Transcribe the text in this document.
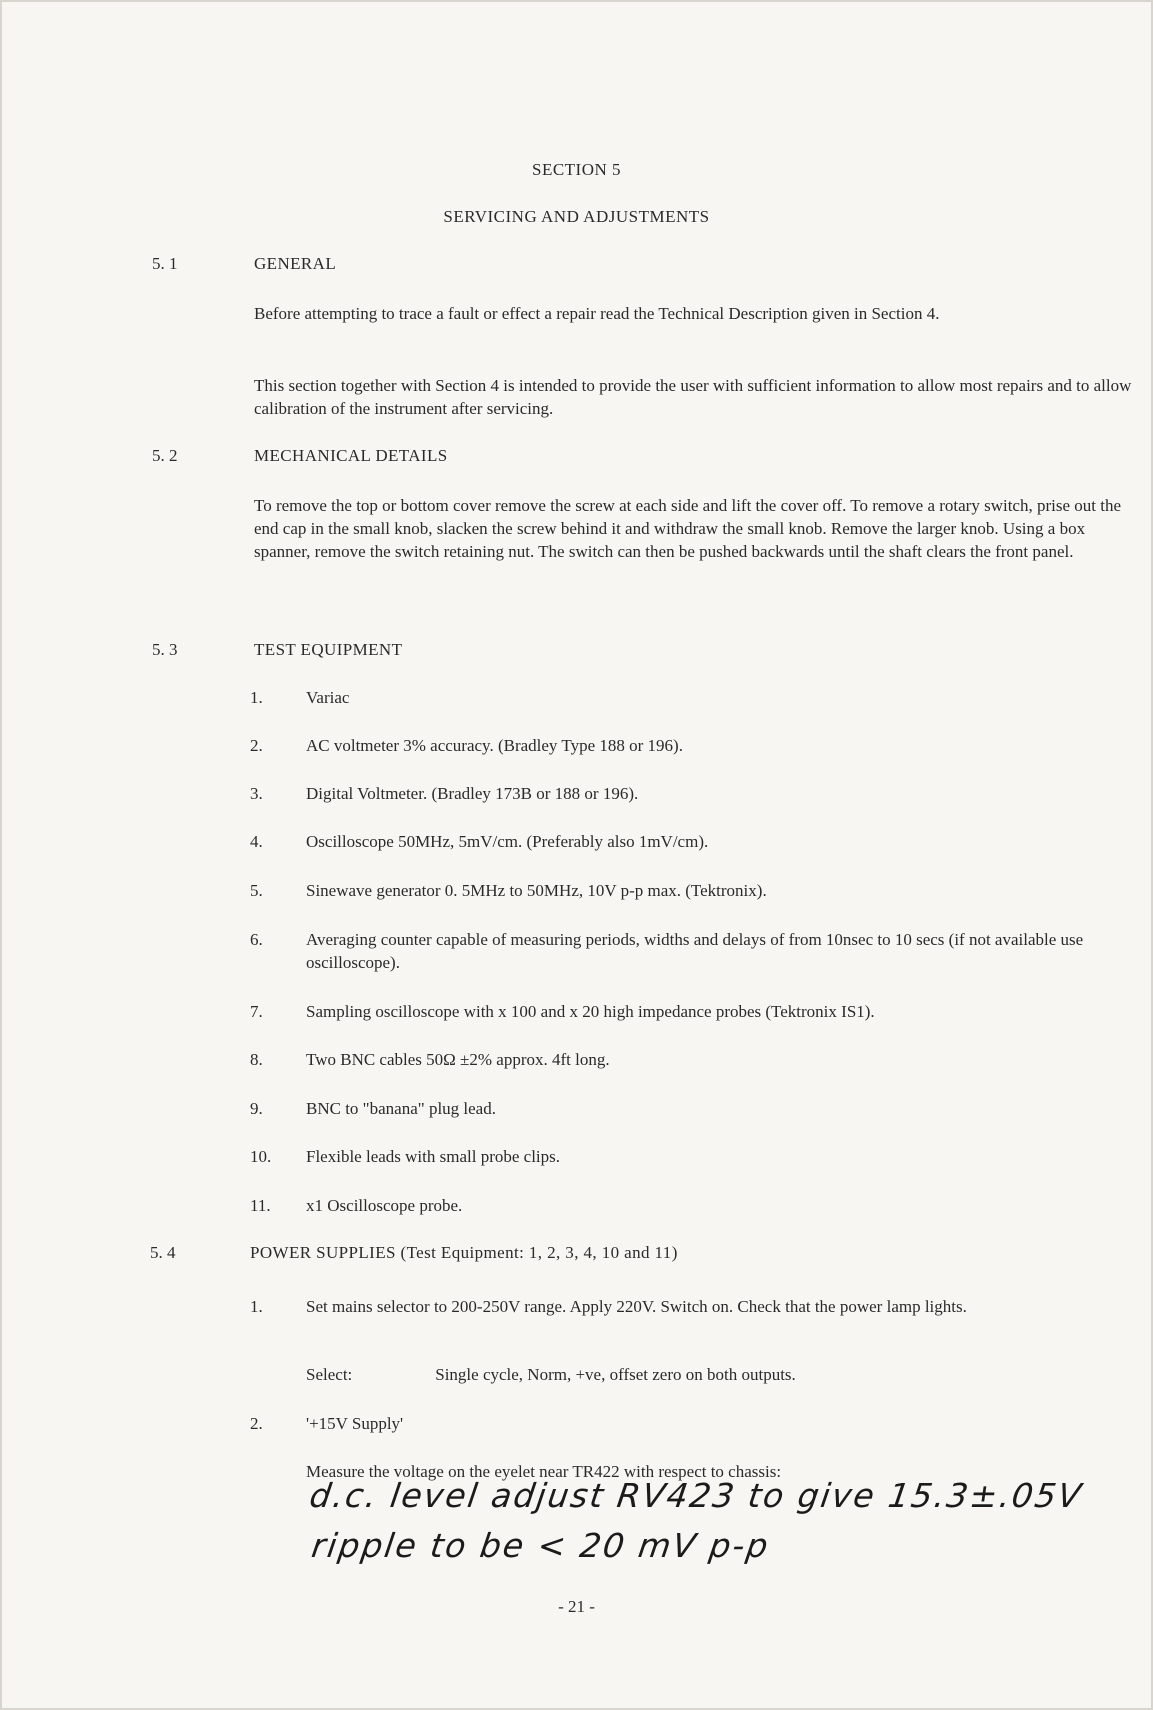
SECTION 5
SERVICING AND ADJUSTMENTS
5. 1	GENERAL
Before attempting to trace a fault or effect a repair read the Technical Description given in Section 4.
This section together with Section 4 is intended to provide the user with sufficient information to allow most repairs and to allow calibration of the instrument after servicing.
5. 2	MECHANICAL DETAILS
To remove the top or bottom cover remove the screw at each side and lift the cover off. To remove a rotary switch, prise out the end cap in the small knob, slacken the screw behind it and withdraw the small knob. Remove the larger knob. Using a box spanner, remove the switch retaining nut. The switch can then be pushed backwards until the shaft clears the front panel.
5. 3	TEST EQUIPMENT
1.	Variac
2.	AC voltmeter 3% accuracy. (Bradley Type 188 or 196).
3.	Digital Voltmeter. (Bradley 173B or 188 or 196).
4.	Oscilloscope 50MHz, 5mV/cm. (Preferably also 1mV/cm).
5.	Sinewave generator 0. 5MHz to 50MHz, 10V p-p max. (Tektronix).
6.	Averaging counter capable of measuring periods, widths and delays of from 10nsec to 10 secs (if not available use oscilloscope).
7.	Sampling oscilloscope with x 100 and x 20 high impedance probes (Tektronix IS1).
8.	Two BNC cables 50Ω ±2% approx. 4ft long.
9.	BNC to "banana" plug lead.
10. Flexible leads with small probe clips.
11. x1 Oscilloscope probe.
5. 4	POWER SUPPLIES (Test Equipment: 1, 2, 3, 4, 10 and 11)
1.	Set mains selector to 200-250V range. Apply 220V. Switch on. Check that the power lamp lights.
Select:	Single cycle, Norm, +ve, offset zero on both outputs.
2.	'+15V Supply'
Measure the voltage on the eyelet near TR422 with respect to chassis:
d.c. level adjust RV423 to give 15.3±.05V
ripple to be < 20 mV p-p
- 21 -
